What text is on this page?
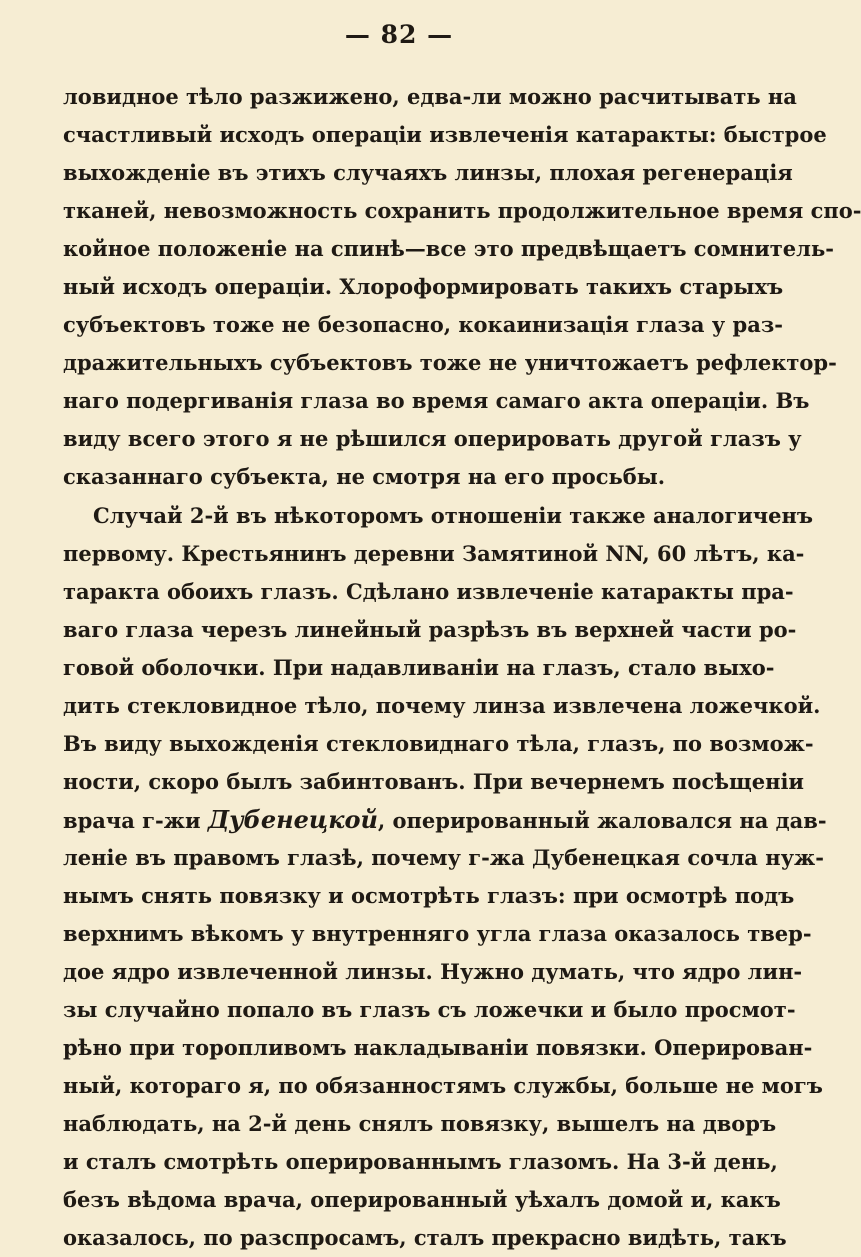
— 82 —
ловидное тѣло разжижено, едва-ли можно расчитывать на
счастливый исходъ операціи извлеченія катаракты: быстрое
выхожденіе въ этихъ случаяхъ линзы, плохая регенерація
тканей, невозможность сохранить продолжительное время спо-
койное положеніе на спинѣ—все это предвѣщаетъ сомнитель-
ный исходъ операціи. Хлороформировать такихъ старыхъ
субъектовъ тоже не безопасно, кокаинизація глаза у раз-
дражительныхъ субъектовъ тоже не уничтожаетъ рефлектор-
наго подергиванія глаза во время самаго акта операціи. Въ
виду всего этого я не рѣшился оперировать другой глазъ у
сказаннаго субъекта, не смотря на его просьбы.
Случай 2-й въ нѣкоторомъ отношеніи также аналогиченъ
первому. Крестьянинъ деревни Замятиной NN, 60 лѣтъ, ка-
таракта обоихъ глазъ. Сдѣлано извлеченіе катаракты пра-
ваго глаза черезъ линейный разрѣзъ въ верхней части ро-
говой оболочки. При надавливаніи на глазъ, стало выхо-
дить стекловидное тѣло, почему линза извлечена ложечкой.
Въ виду выхожденія стекловиднаго тѣла, глазъ, по возмож-
ности, скоро былъ забинтованъ. При вечернемъ посѣщеніи
врача г-жи Дубенецкой, оперированный жаловался на дав-
леніе въ правомъ глазѣ, почему г-жа Дубенецкая сочла нуж-
нымъ снять повязку и осмотрѣть глазъ: при осмотрѣ подъ
верхнимъ вѣкомъ у внутренняго угла глаза оказалось твер-
дое ядро извлеченной линзы. Нужно думать, что ядро лин-
зы случайно попало въ глазъ съ ложечки и было просмот-
рѣно при торопливомъ накладываніи повязки. Оперирован-
ный, котораго я, по обязанностямъ службы, больше не могъ
наблюдать, на 2-й день снялъ повязку, вышелъ на дворъ
и сталъ смотрѣть оперированнымъ глазомъ. На 3-й день,
безъ вѣдома врача, оперированный уѣхалъ домой и, какъ
оказалось, по разспросамъ, сталъ прекрасно видѣть, такъ
